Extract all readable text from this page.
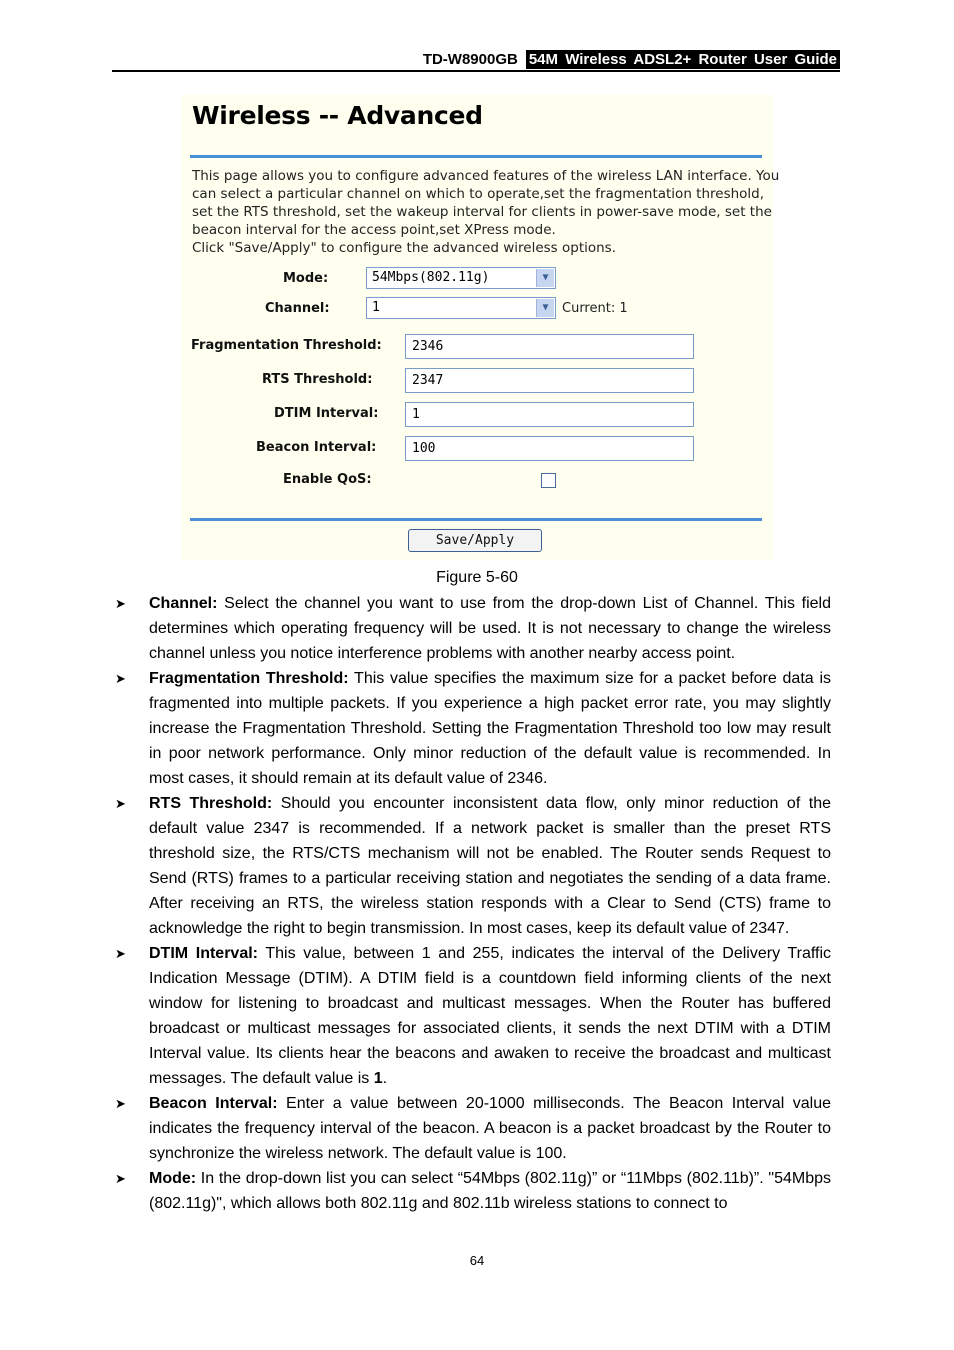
TD-W8900GB 54M Wireless ADSL2+ Router User Guide
Wireless -- Advanced
This page allows you to configure advanced features of the wireless LAN interface. You
can select a particular channel on which to operate,set the fragmentation threshold,
set the RTS threshold, set the wakeup interval for clients in power-save mode, set the
beacon interval for the access point,set XPress mode.
Click "Save/Apply" to configure the advanced wireless options.
Mode:	54Mbps(802.11g)	▼
Channel:	1	▼	Current: 1
Fragmentation Threshold:	2346
RTS Threshold:	2347
DTIM Interval:	1
Beacon Interval:	100
Enable QoS:
Save/Apply
Figure 5-60
➤ Channel: Select the channel you want to use from the drop-down List of Channel. This field determines which operating frequency will be used. It is not necessary to change the wireless channel unless you notice interference problems with another nearby access point.
➤ Fragmentation Threshold: This value specifies the maximum size for a packet before data is fragmented into multiple packets. If you experience a high packet error rate, you may slightly increase the Fragmentation Threshold. Setting the Fragmentation Threshold too low may result in poor network performance. Only minor reduction of the default value is recommended. In most cases, it should remain at its default value of 2346.
➤ RTS Threshold: Should you encounter inconsistent data flow, only minor reduction of the default value 2347 is recommended. If a network packet is smaller than the preset RTS threshold size, the RTS/CTS mechanism will not be enabled. The Router sends Request to Send (RTS) frames to a particular receiving station and negotiates the sending of a data frame. After receiving an RTS, the wireless station responds with a Clear to Send (CTS) frame to acknowledge the right to begin transmission. In most cases, keep its default value of 2347.
➤ DTIM Interval: This value, between 1 and 255, indicates the interval of the Delivery Traffic Indication Message (DTIM). A DTIM field is a countdown field informing clients of the next window for listening to broadcast and multicast messages. When the Router has buffered broadcast or multicast messages for associated clients, it sends the next DTIM with a DTIM Interval value. Its clients hear the beacons and awaken to receive the broadcast and multicast messages. The default value is 1.
➤ Beacon Interval: Enter a value between 20-1000 milliseconds. The Beacon Interval value indicates the frequency interval of the beacon. A beacon is a packet broadcast by the Router to synchronize the wireless network. The default value is 100.
➤ Mode: In the drop-down list you can select “54Mbps (802.11g)” or “11Mbps (802.11b)”. "54Mbps (802.11g)", which allows both 802.11g and 802.11b wireless stations to connect to
64
